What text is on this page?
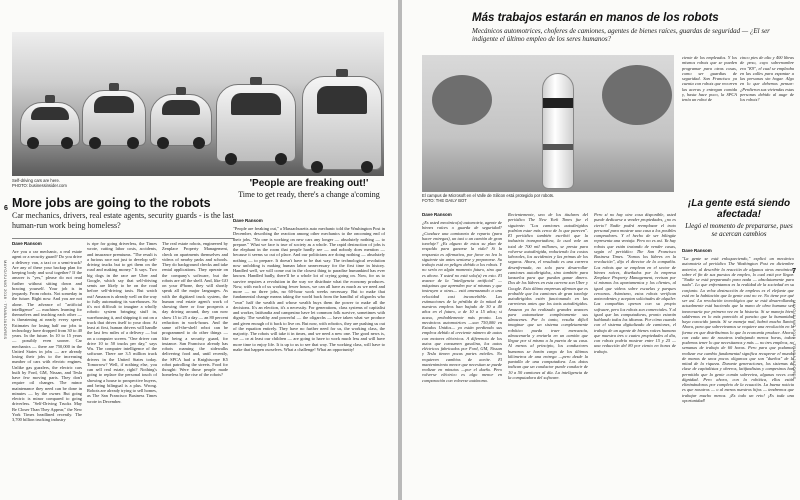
6
MAYO/JUNIO 2018 · TRABAJADORES
Self-driving cars are here.
PHOTO: businessinsider.com	'People are freaking out!'
Time to get ready, there's a change a'coming
More jobs are going to the robots
Car mechanics, drivers, real estate agents, security guards - is the last human-run work being homeless?
Dave Ransom
Dave Ransom
Are you a car mechanic, a real estate agent or a security guard? Do you drive a delivery van, a taxi or a semi-truck? Are any of these your backup plan for keeping body and soul together? If the answer is "yes," please do not read further without sitting down and bracing yourself. Your job is in jeopardy. From robots. Not someday in the future. Right now. And you are not alone. The advance of "artificial intelligence" — machines learning for themselves and teaching each other — is threatening at nearly every speed. Estimates for losing half our jobs to technology have dropped from 30 to 40 years. In the future. In 10 to 15 years — possibly even sooner. Car mechanics — there are 750,000 in the United States in jobs — are already losing their jobs to the increasing number of cars with electric engines. Unlike gas guzzlers, the electric cars built by Ford, GM, Nissan, and Tesla have few moving parts. They don't require oil changes. The minor maintenance they need can be done in minutes — by the owner. But going electric is minor compared to going driverless. "Self-Driving Trucks May Be Closer Than They Appear," the New York Times headlined recently. The 3,700 billion trucking industry
is ripe for going driverless, the Times wrote, cutting labor costs, accidents, and insurance premiums. "The result is a furious race not just to develop self-driving trucks but to get them on the road and making money." It says. Two big dogs in the race are Uber and Google, which say that self-driving semis are likely to be on the road before self-driving taxis. But watch out! Amazon is already well on the way to fully automating its warehouses. So it's not difficult to imagine a wholly robotic system bringing stuff in, warehousing it, and shipping it out on a truck that drives itself to your door. At least at first, human drivers will handle the last few miles of a delivery — but on a computer screen. "One driver can drive 10 to 50 trucks per day," says Wu. The computer intelligence of the software. There are 3.5 million truck drivers in the United States today. Tomorrow? Well, if nothing else, you can sell real estate, right? Nothing's going to replace the personal touch of showing a house to prospective buyers, and being bilingual is a plus. Wrong. Robots are already trying to sell homes, as The San Francisco Business Times wrote in December.
The real estate robots, engineered by Zenplace Property Management, check on apartments themselves and videos of nearby parks and schools. They do background checks and take rental applications. They operate on the company's software, but the robots are off the shelf. And, like GO on your iPhone, they will shortly speak all the major languages. As with the digitized truck system, the human real estate agent's work of showing three or four prospects a day driving around, they can now show 15 to 25 a day — an 80 percent reduction in work-hours. And the same off-the-shelf robot can be programmed to do other things — like being a security guard, for instance. San Francisco already has robots roaming the sidewalks delivering food and, until recently, the SPCA had a Knightscope K5 robot patrolling the streets. Food for thought: Were those people made homeless by the rise of the robots?
"People are freaking out," a Massachusetts auto mechanic told the Washington Post in December, describing the reaction among other mechanics to the oncoming end of their jobs. "No one is working on new cars any longer — absolutely nothing — to prepare." What we face is true of society as a whole. The rapid destruction of jobs is the elephant in the room that people hardly see — and nobody does mention — because it seems so out of place. And our politicians are doing nothing — absolutely nothing — to prepare. It doesn't have to be that way. The technological revolution now unfolding is making human labor unnecessary for the first time in history. Handled well, we will come out in the closest thing to paradise humankind has ever known. Handled badly, there'll be a whole lot of crying going on. Now, for us to survive requires a revolution in the way we distribute what the economy produces. Now, with each of us working fewer hours, we can all have as much as we need and more — no three jobs, no 60-hour work weeks necessary. But to make that fundamental change means taking the world back from the handful of oligarchs who "own" half the wealth and whose wealth buys them the power to make all the decisions. It's an election, it's a necessity. For generations, class systems of capitalist and worker, latifundia and campesino have let common folk survive, sometimes with dignity. The wealthy and powerful — the oligarchs — have taken what we produce and given enough of it back to live on. But now, with robotics, they are pushing us out of the equation entirely. They have no further need for us, the working class, the majority. The robots will take it in times, and we need a new one. The good news is, we — or at least our children — are going to have to work much less and will have more time to enjoy life. It is up to us to see that way. The working class, will have to make that happen ourselves. What a challenge! What an opportunity!
7
MAYO/JUNIO 2018 · TRABAJADORES
Más trabajos estarán en manos de los robots
Mecánicos automotrices, choferes de camiones, agentes de bienes raíces, guardas de seguridad — ¿El ser indigente el último empleo de los seres humanos?
El campus de Microsoft en el Valle de Silicon está protegido por robots.
FOTO: THE DAILY BOT
ciente de los empleados. Y los mismos robots que se pueden programar para otras cosas, como ser guardias de seguridad. San Francisco ya cuenta con robots que recorren las aceras y entregan comida y, hasta hace poco, la SPCA tenía un robot de
cinco pies de alto y 400 libras de peso, cuyo sobrenombre era "K9", el cual se empleaba en las calles para espantar a las personas sin hogar. Algo en lo que debemos pensar: ¿Perdieron sus viviendas estas personas debido al auge de los robots?
¡La gente está siendo afectada!
Llegó el momento de prepararse, pues se acercan cambios
Dave Ransom
Dave Ransom
¿Es usted mecánico(a) automotriz, agente de bienes raíces o guarda de seguridad? ¿Conduce una camioneta de reparto (para hacer entregas), un taxi o un camión de gran tonelaje? ¿Es alguno de estos su plan de respaldo para ganarse la vida? Si la respuesta es afirmativa, por favor no lea lo siguiente sin antes sentarse y prepararse. Su trabajo está en peligro debido a los robots. Y no sería en algún momento futuro, sino que es ahora. Y usted no está solo(a) en esto. El avance de la "inteligencia artificial" —máquinas que aprenden por sí mismas y que instruyen a otras— está amenazando a una velocidad casi inconcebible. Las estimaciones de la pérdida de la mitad de nuestros empleos han bajado de 30 a 40 años en el futuro, a de 10 a 15 años; si acaso, probablemente más pronto. Los mecánicos automotrices —son 750,000 en Estados Unidos— ya están perdiendo sus empleos debido al creciente número de autos con motores eléctricos. A diferencia de los autos que consumen gasolina, los autos eléctricos fabricados por Ford, GM, Nissan y Tesla tienen pocas partes móviles. No requieren cambios de aceite. El mantenimiento menor que necesitan se puede realizar en minutos —por el dueño. Pero volverse eléctrico es algo menor en comparación con volverse autónomo.
Recientemente, uno de los titulares del periódico The New York Times fue el siguiente: "Los camiones autodirigidos podrían estar más cerca de lo que parecen". El periódico también escribió que la industria transportadora, la cual vale un total de 700 mil millones, se presta para volverse autodirigida, reduciendo los costos laborales, los accidentes y las primas de los seguros. Ahora, el resultado es una carrera desenfrenada, no solo para desarrollar camiones autodirigidos, sino también para lanzarlos para que puedan ganar dinero. Dos de los líderes en esta carrera son Uber y Google. Esto último empresas afirman que es probable que los camiones de gran tonelaje autodirigidos estén funcionando en las carreteras antes que los taxis autodirigidos. Amazon ya ha realizado grandes avances para automatizar completamente sus almacenes. Por lo tanto, resulta difícil imaginar que un sistema completamente robótico pueda traer mercancía, almacenarla y enviarla en un camión que llegue por sí mismo a la puerta de su casa. Al menos al principio, los conductores humanos se harán cargo de los últimos kilómetros de una entrega —pero desde la pantalla de una computadora. Los datos indican que un conductor puede conducir de 10 a 50 camiones al día. La inteligencia de la computadora del software.
Pero sí no hay otra cosa disponible, usted puede dedicarse a vender propiedades, ¿no es cierto? Nadie podrá reemplazar el trato personal para mostrar una casa a los posibles compradores. Y el hecho de ser bilingüe representa una ventaja. Pero no es así. Ya hay robots que están tratando de vender casas, según el periódico The San Francisco Business Times. "Somos los líderes en la revolución", dijo el director de la compañía. Los robots que se emplean en el sector de bienes raíces, diseñados por la empresa Zenplace Property Management, revisan por sí mismos los apartamentos y los clientes, al igual que videos sobre escuelas y parques cercanos. Asimismo, estos robots verifican antecedentes y aceptan solicitudes de alquiler. Las compañías operan con su propio software, pero los robots son comerciales. Y al igual que las computadoras, pronto estarán hablando todos los idiomas. Por cómo cuando con el sistema digitalizado de camiones, el trabajo de un agente de bienes raíces humano que muestra tres o cuatro propiedades al día, con robots podría mostrar entre 15 y 25 — una reducción del 80 por ciento en horas de trabajo.
"La gente se está enloqueciendo," explicó un mecánico automotriz al periódico The Washington Post en diciembre anterior, al describir la reacción de algunos otros mecánicos sobre el fin de sus puestos de empleo, lo cual está por llegar. "Nadie se está preparando para nada — absolutamente para nada". Lo que enfrentamos es la realidad de la sociedad en su conjunto. La veloz destrucción de empleos es el elefante que está en la habitación que la gente casi no ve. No tiene por qué ser así. La revolución tecnológica que se está desarrollando actualmente está haciendo que la mano de obra humana sea innecesaria por primera vez en la historia. Si se maneja bien, saldremos en lo más parecido al paraíso que la humanidad haya conocido jamás. Si se maneja mal, habrá mucho llanto. Ahora, para que sobrevivamos se requiere una revolución en la forma en que distribuimos lo que la economía produce. Ahora, con cada uno de nosotros trabajando menos horas, todos podemos tener lo que necesitamos y más — no tres empleos, no semanas de trabajo de 60 horas. Pero para que podamos realizar ese cambio fundamental significa recuperar el mundo de manos de unos pocos oligarcas que son "dueños" de la mitad de la riqueza. Durante generaciones, los sistemas de clase de capitalistas y obreros, latifundistas y campesinos han permitido que la gente común sobreviva, algunas veces con dignidad. Pero ahora, con la robótica, ellos están eliminándonos por completo de la ecuación. La buena noticia es que nosotros — o al menos nuestros hijos — tendremos que trabajar mucho menos. ¡Es todo un reto! ¡Es toda una oportunidad!
